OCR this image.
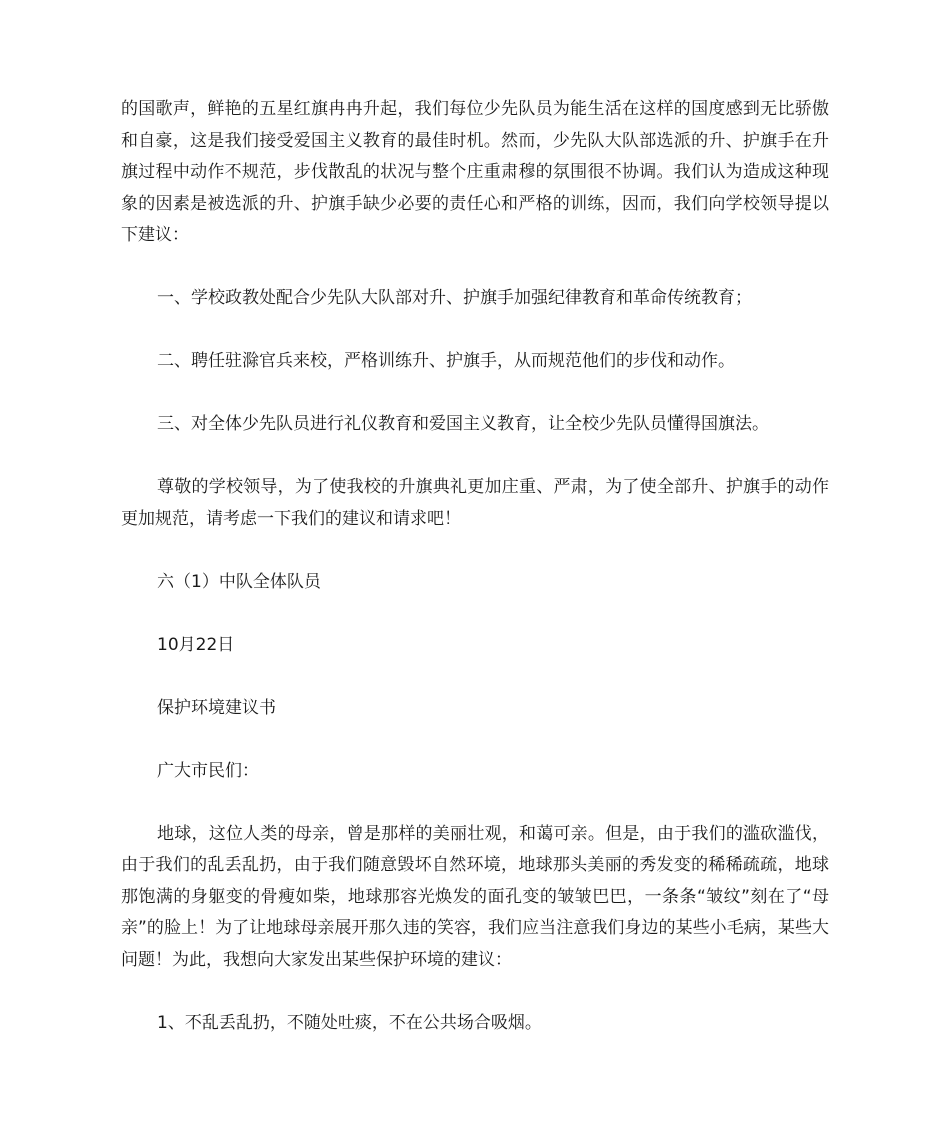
的国歌声，鲜艳的五星红旗冉冉升起，我们每位少先队员为能生活在这样的国度感到无比骄傲和自豪，这是我们接受爱国主义教育的最佳时机。然而，少先队大队部选派的升、护旗手在升旗过程中动作不规范，步伐散乱的状况与整个庄重肃穆的氛围很不协调。我们认为造成这种现象的因素是被选派的升、护旗手缺少必要的责任心和严格的训练，因而，我们向学校领导提以下建议：

一、学校政教处配合少先队大队部对升、护旗手加强纪律教育和革命传统教育；

二、聘任驻滁官兵来校，严格训练升、护旗手，从而规范他们的步伐和动作。

三、对全体少先队员进行礼仪教育和爱国主义教育，让全校少先队员懂得国旗法。

尊敬的学校领导，为了使我校的升旗典礼更加庄重、严肃，为了使全部升、护旗手的动作更加规范，请考虑一下我们的建议和请求吧！

六（1）中队全体队员

10月22日

保护环境建议书

广大市民们：

地球，这位人类的母亲，曾是那样的美丽壮观，和蔼可亲。但是，由于我们的滥砍滥伐，由于我们的乱丢乱扔，由于我们随意毁坏自然环境，地球那头美丽的秀发变的稀稀疏疏，地球那饱满的身躯变的骨瘦如柴，地球那容光焕发的面孔变的皱皱巴巴，一条条“皱纹”刻在了“母亲”的脸上！为了让地球母亲展开那久违的笑容，我们应当注意我们身边的某些小毛病，某些大问题！为此，我想向大家发出某些保护环境的建议：

1、不乱丢乱扔，不随处吐痰，不在公共场合吸烟。
